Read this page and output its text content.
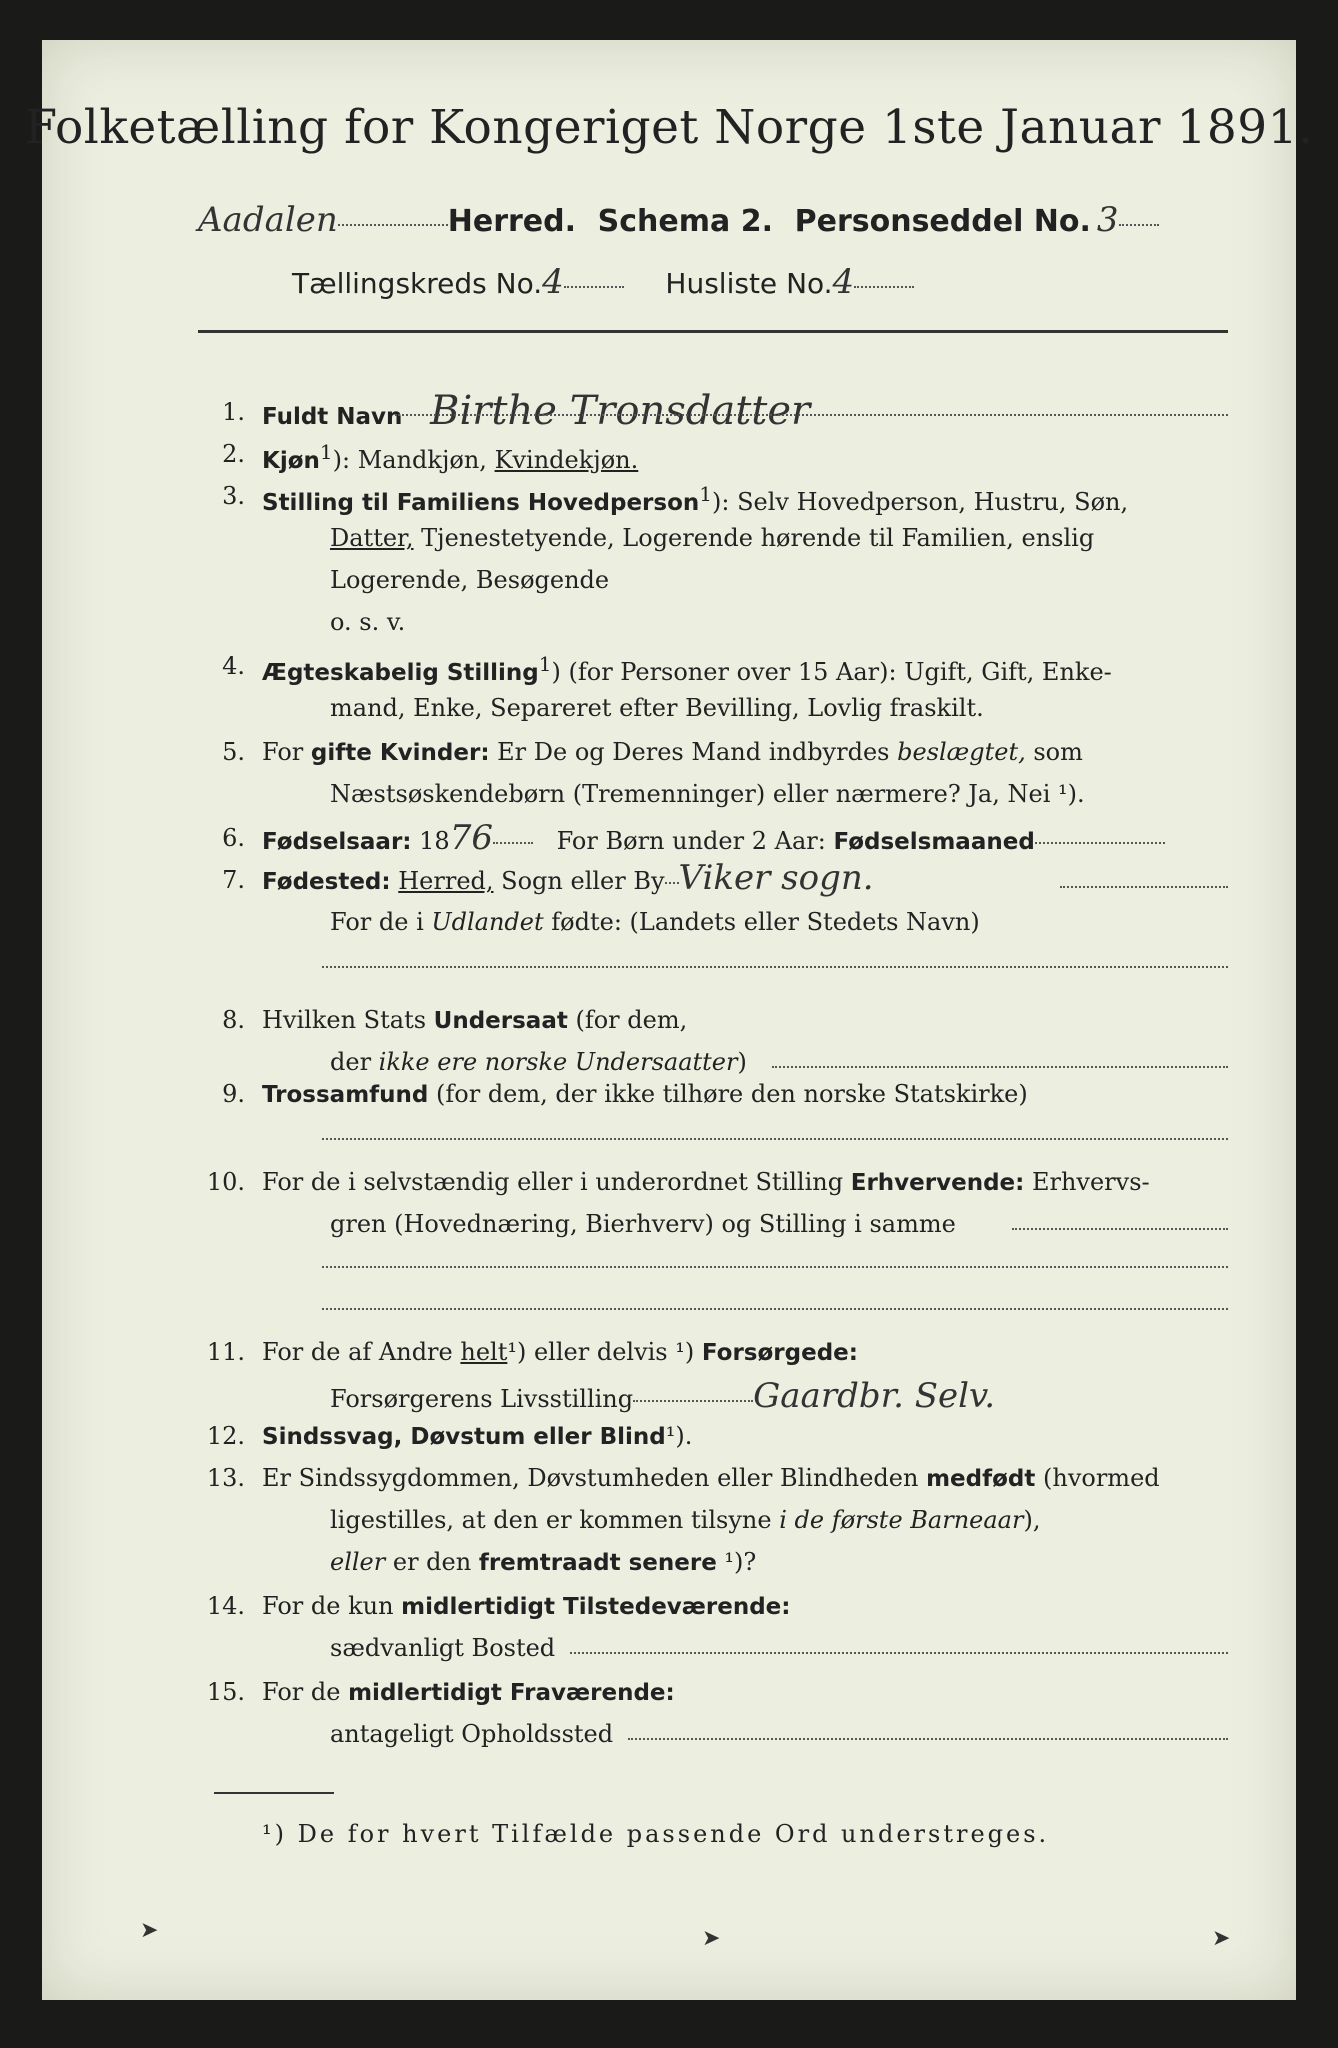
Folketælling for Kongeriget Norge 1ste Januar 1891.
Aadalen	Herred. Schema 2. Personseddel No. 3
Tællingskreds No.4	Husliste No.4
1. Fuldt Navn Birthe Tronsdatter
2. Kjøn$^1$): Mandkjøn, Kvindekjøn.
3. Stilling til Familiens Hovedperson$^1$): Selv Hovedperson, Hustru, Søn,
Datter, Tjenestetyende, Logerende hørende til Familien, enslig
Logerende, Besøgende
o. s. v.
4. Ægteskabelig Stilling$^1$) (for Personer over 15 Aar): Ugift, Gift, Enke-
mand, Enke, Separeret efter Bevilling, Lovlig fraskilt.
5. For gifte Kvinder: Er De og Deres Mand indbyrdes beslægtet, som
Næstsøskendebørn (Tremenninger) eller nærmere? Ja, Nei ¹).
6. Fødselsaar: 1876	For Børn under 2 Aar: Fødselsmaaned
7. Fødested: Herred, Sogn eller By Viker sogn.
For de i Udlandet fødte: (Landets eller Stedets Navn)
8. Hvilken Stats Undersaat (for dem,
der ikke ere norske Undersaatter)
9. Trossamfund (for dem, der ikke tilhøre den norske Statskirke)
10. For de i selvstændig eller i underordnet Stilling Erhvervende: Erhvervs-
gren (Hovednæring, Bierhverv) og Stilling i samme
11. For de af Andre helt¹) eller delvis ¹) Forsørgede:
Forsørgerens Livsstilling	Gaardbr. Selv.
12. Sindssvag, Døvstum eller Blind¹).
13. Er Sindssygdommen, Døvstumheden eller Blindheden medfødt (hvormed
ligestilles, at den er kommen tilsyne i de første Barneaar),
eller er den fremtraadt senere ¹)?
14. For de kun midlertidigt Tilstedeværende:
sædvanligt Bosted
15. For de midlertidigt Fraværende:
antageligt Opholdssted
¹) De for hvert Tilfælde passende Ord understreges.
➤	➤	➤
